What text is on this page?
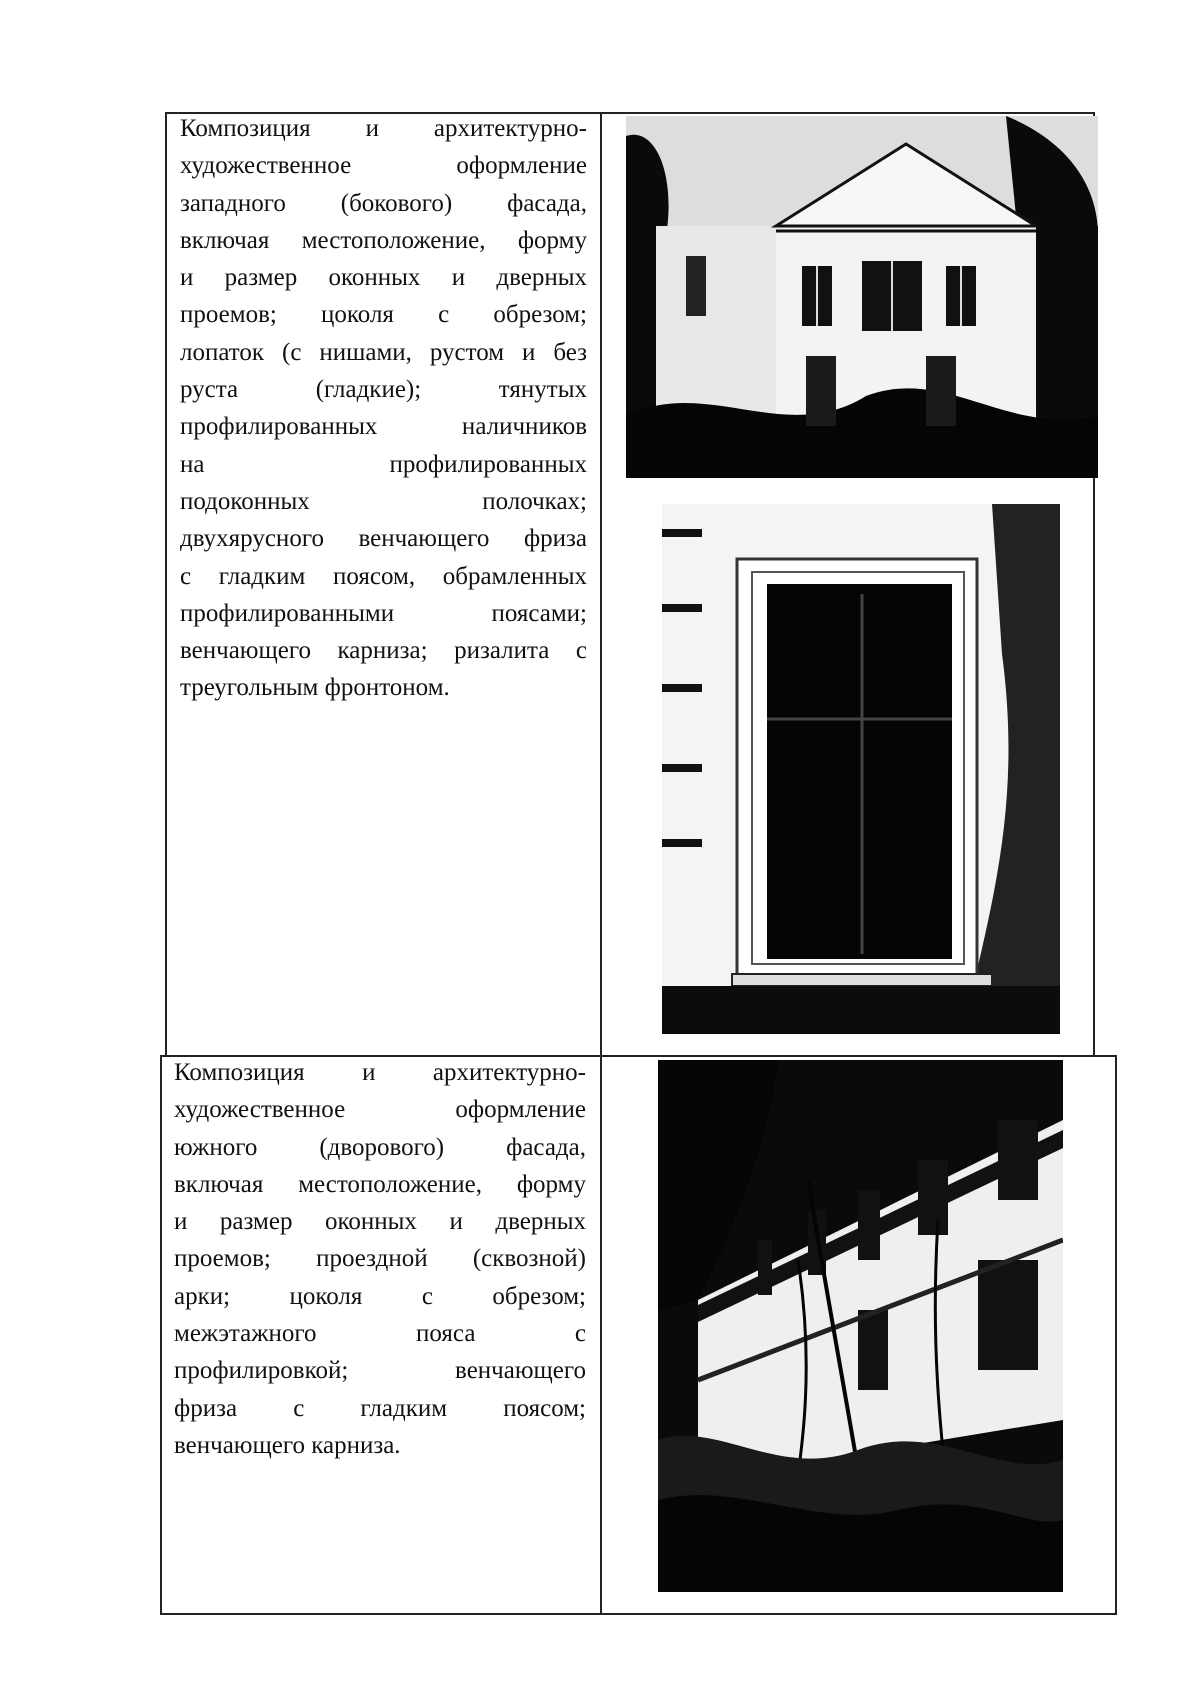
Композиция и архитектурно-
художественное оформление
западного (бокового) фасада,
включая местоположение, форму
и размер оконных и дверных
проемов; цоколя с обрезом;
лопаток (с нишами, рустом и без
руста (гладкие); тянутых
профилированных наличников
на профилированных
подоконных полочках;
двухярусного венчающего фриза
с гладким поясом, обрамленных
профилированными поясами;
венчающего карниза; ризалита с
треугольным фронтоном.
Композиция и архитектурно-
художественное оформление
южного (дворового) фасада,
включая местоположение, форму
и размер оконных и дверных
проемов; проездной (сквозной)
арки; цоколя с обрезом;
межэтажного пояса с
профилировкой; венчающего
фриза с гладким поясом;
венчающего карниза.
